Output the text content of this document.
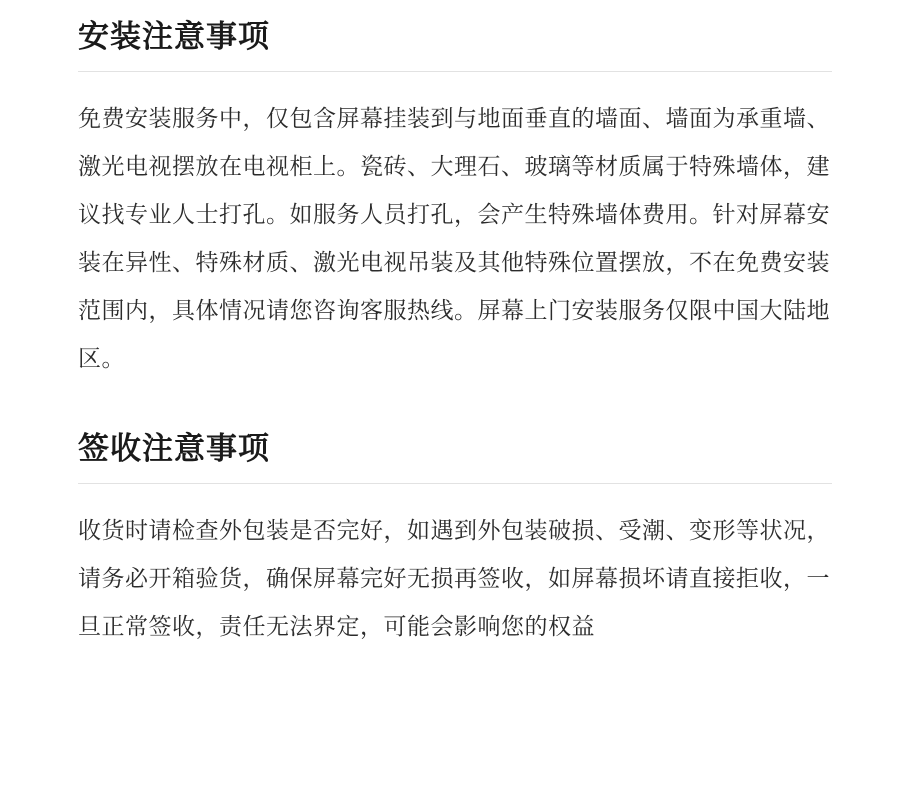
安装注意事项

免费安装服务中，仅包含屏幕挂装到与地面垂直的墙面、墙面为承重墙、激光电视摆放在电视柜上。瓷砖、大理石、玻璃等材质属于特殊墙体，建议找专业人士打孔。如服务人员打孔，会产生特殊墙体费用。针对屏幕安装在异性、特殊材质、激光电视吊装及其他特殊位置摆放，不在免费安装范围内，具体情况请您咨询客服热线。屏幕上门安装服务仅限中国大陆地区。

签收注意事项

收货时请检查外包装是否完好，如遇到外包装破损、受潮、变形等状况，请务必开箱验货，确保屏幕完好无损再签收，如屏幕损坏请直接拒收，一旦正常签收，责任无法界定，可能会影响您的权益
